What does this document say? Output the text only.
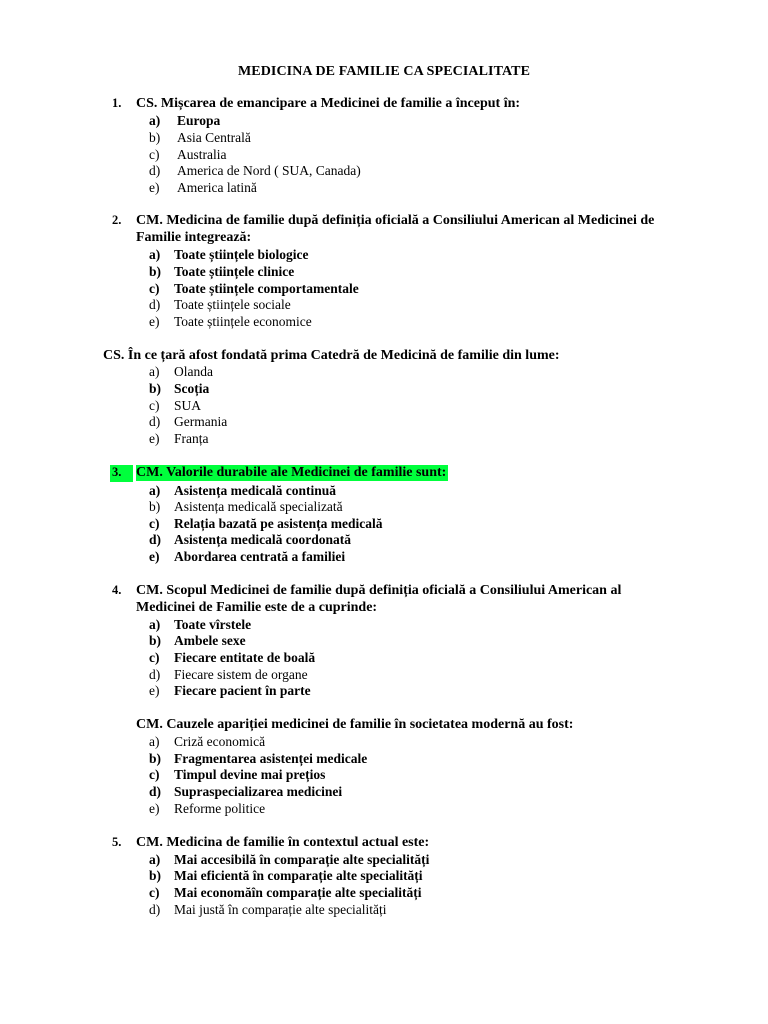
MEDICINA DE FAMILIE CA SPECIALITATE
1. CS. Mișcarea de emancipare a Medicinei de familie a început în:
a) Europa
b) Asia Centrală
c) Australia
d) America de Nord ( SUA, Canada)
e) America latină
2. CM. Medicina de familie după definiția oficială a Consiliului American al Medicinei de
Familie integrează:
a) Toate științele biologice
b) Toate științele clinice
c) Toate științele comportamentale
d) Toate științele sociale
e) Toate științele economice
CS. În ce țară afost fondată prima Catedră de Medicină de familie din lume:
a) Olanda
b) Scoția
c) SUA
d) Germania
e) Franța
3.	CM. Valorile durabile ale Medicinei de familie sunt:
a) Asistența medicală continuă
b) Asistența medicală specializată
c) Relația bazată pe asistența medicală
d) Asistența medicală coordonată
e) Abordarea centrată a familiei
4. CM. Scopul Medicinei de familie după definiția oficială a Consiliului American al
Medicinei de Familie este de a cuprinde:
a) Toate vîrstele
b) Ambele sexe
c) Fiecare entitate de boală
d) Fiecare sistem de organe
e) Fiecare pacient în parte
CM. Cauzele apariției medicinei de familie în societatea modernă au fost:
a) Criză economică
b) Fragmentarea asistenței medicale
c) Timpul devine mai prețios
d) Supraspecializarea medicinei
e) Reforme politice
5. CM. Medicina de familie în contextul actual este:
a) Mai accesibilă în comparație alte specialități
b) Mai eficientă în comparație alte specialități
c) Mai economăîn comparație alte specialități
d) Mai justă în comparație alte specialități
